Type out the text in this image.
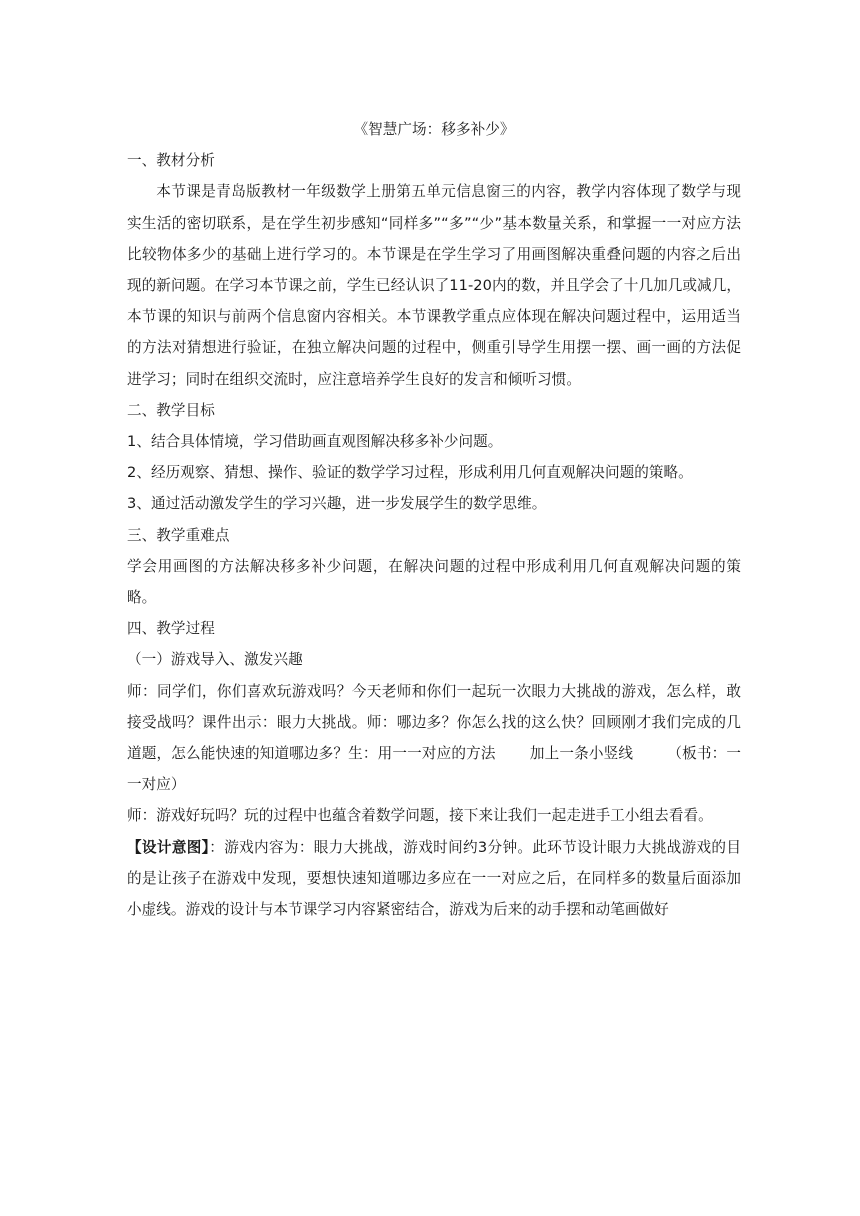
《智慧广场：移多补少》
一、教材分析

本节课是青岛版教材一年级数学上册第五单元信息窗三的内容，教学内容体现了数学与现实生活的密切联系，是在学生初步感知“同样多”“多”“少”基本数量关系，和掌握一一对应方法比较物体多少的基础上进行学习的。本节课是在学生学习了用画图解决重叠问题的内容之后出现的新问题。在学习本节课之前，学生已经认识了11-20内的数，并且学会了十几加几或减几，本节课的知识与前两个信息窗内容相关。本节课教学重点应体现在解决问题过程中，运用适当的方法对猜想进行验证，在独立解决问题的过程中，侧重引导学生用摆一摆、画一画的方法促进学习；同时在组织交流时，应注意培养学生良好的发言和倾听习惯。

二、教学目标

1、结合具体情境，学习借助画直观图解决移多补少问题。

2、经历观察、猜想、操作、验证的数学学习过程，形成利用几何直观解决问题的策略。

3、通过活动激发学生的学习兴趣，进一步发展学生的数学思维。

三、教学重难点

学会用画图的方法解决移多补少问题，在解决问题的过程中形成利用几何直观解决问题的策略。

四、教学过程

（一）游戏导入、激发兴趣

师：同学们，你们喜欢玩游戏吗？今天老师和你们一起玩一次眼力大挑战的游戏，怎么样，敢接受战吗？课件出示：眼力大挑战。师：哪边多？你怎么找的这么快？回顾刚才我们完成的几道题，怎么能快速的知道哪边多？生：用一一对应的方法　　 加上一条小竖线　　 （板书：一一对应）

师：游戏好玩吗？玩的过程中也蕴含着数学问题，接下来让我们一起走进手工小组去看看。

【设计意图】：游戏内容为：眼力大挑战，游戏时间约3分钟。此环节设计眼力大挑战游戏的目的是让孩子在游戏中发现，要想快速知道哪边多应在一一对应之后，在同样多的数量后面添加小虚线。游戏的设计与本节课学习内容紧密结合，游戏为后来的动手摆和动笔画做好
